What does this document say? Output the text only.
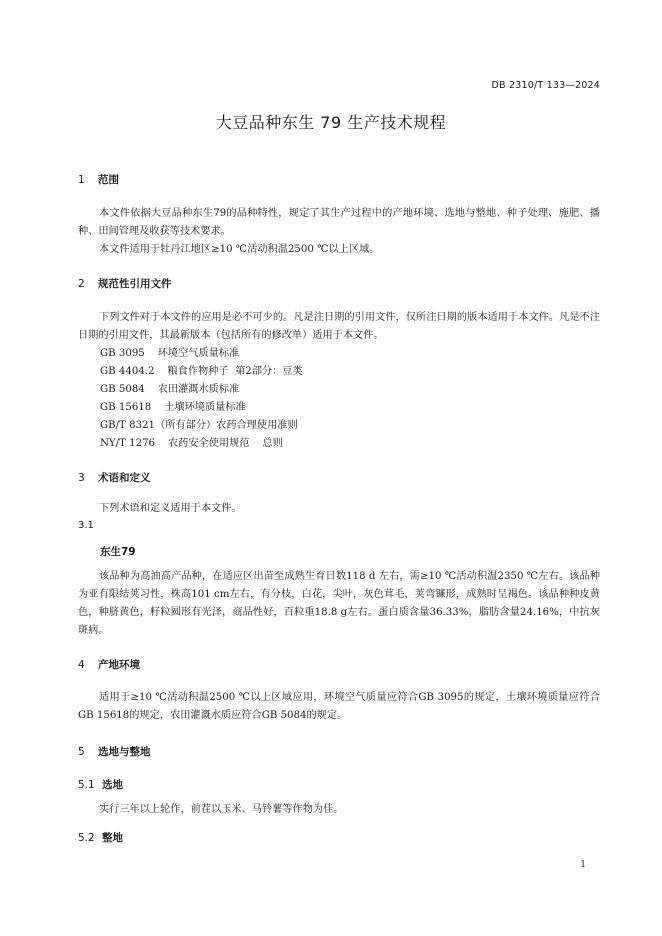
DB 2310/T 133—2024
大豆品种东生 79 生产技术规程
1 范围

本文件依据大豆品种东生79的品种特性，规定了其生产过程中的产地环境、选地与整地、种子处理、施肥、播种、田间管理及收获等技术要求。

本文件适用于牡丹江地区≥10 ℃活动积温2500 ℃以上区域。

2 规范性引用文件

下列文件对于本文件的应用是必不可少的。凡是注日期的引用文件，仅所注日期的版本适用于本文件。凡是不注日期的引用文件，其最新版本（包括所有的修改单）适用于本文件。

GB 3095    环境空气质量标准
GB 4404.2    粮食作物种子  第2部分：豆类
GB 5084    农田灌溉水质标准
GB 15618    土壤环境质量标准
GB/T 8321（所有部分）农药合理使用准则
NY/T 1276    农药安全使用规范    总则
3 术语和定义

下列术语和定义适用于本文件。

3.1
东生79

该品种为高油高产品种，在适应区出苗至成熟生育日数118 d 左右，需≥10 ℃活动积温2350 ℃左右。该品种为亚有限结荚习性，株高101 cm左右，有分枝，白花，尖叶，灰色茸毛，荚弯镰形，成熟时呈褐色。该品种种皮黄色，种脐黄色，籽粒圆形有光泽，商品性好，百粒重18.8 g左右。蛋白质含量36.33%，脂肪含量24.16%，中抗灰斑病。

4 产地环境

适用于≥10 ℃活动积温2500 ℃以上区域应用，环境空气质量应符合GB 3095的规定，土壤环境质量应符合GB 15618的规定，农田灌溉水质应符合GB 5084的规定。

5 选地与整地
5.1 选地

实行三年以上轮作，前茬以玉米、马铃薯等作物为佳。

5.2 整地
1
